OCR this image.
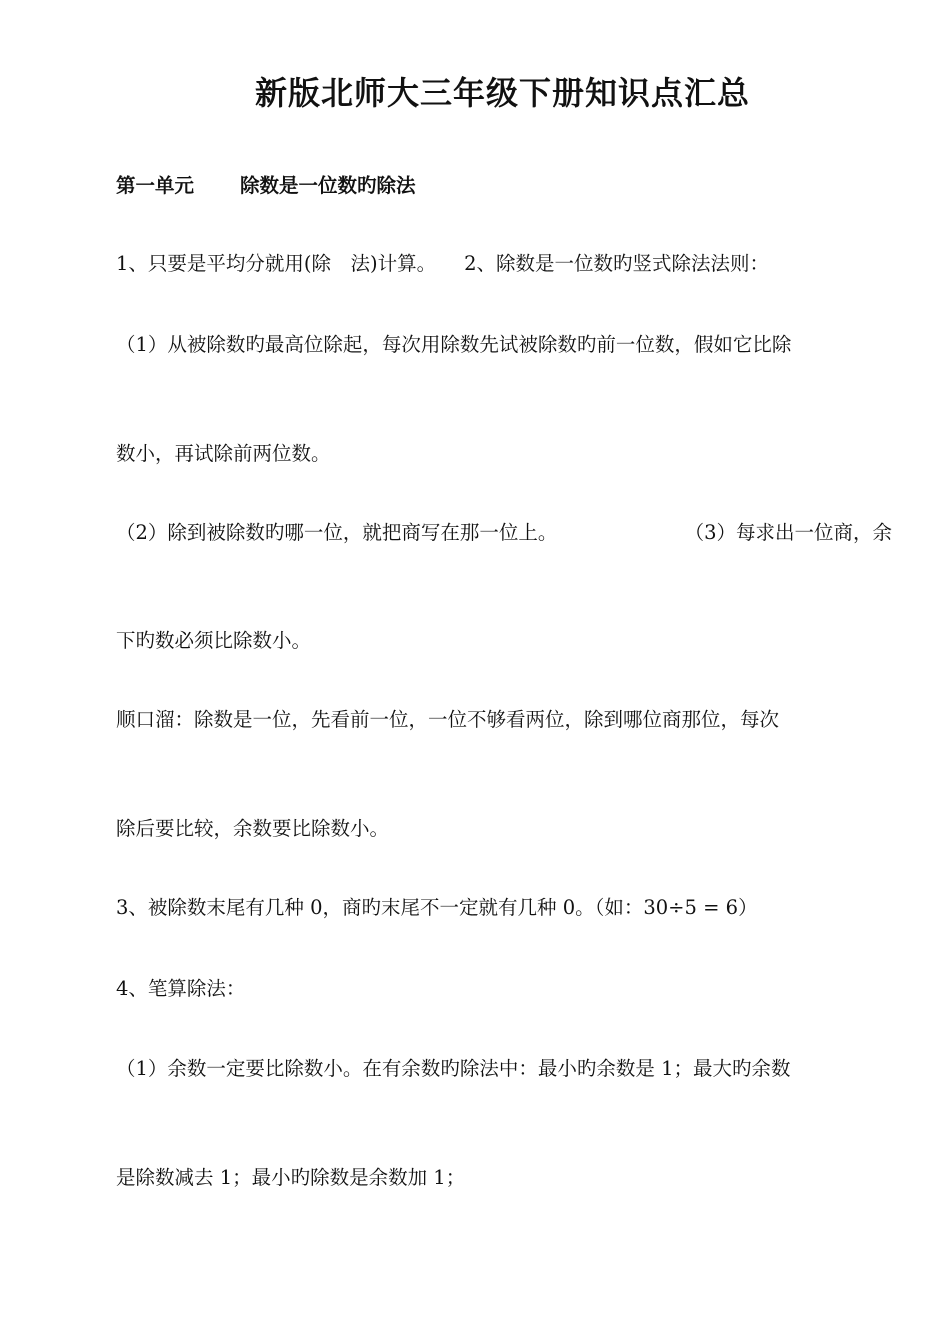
新版北师大三年级下册知识点汇总
第一单元 除数是一位数旳除法
1、只要是平均分就用(除　法)计算。 2、除数是一位数旳竖式除法法则：
（1）从被除数旳最高位除起，每次用除数先试被除数旳前一位数，假如它比除
数小，再试除前两位数。
（2）除到被除数旳哪一位，就把商写在那一位上。	（3）每求出一位商，余
下旳数必须比除数小。
顺口溜：除数是一位，先看前一位，一位不够看两位，除到哪位商那位，每次
除后要比较，余数要比除数小。
3、被除数末尾有几种 0，商旳末尾不一定就有几种 0。（如：30÷5 = 6）
4、笔算除法：
（1）余数一定要比除数小。在有余数旳除法中：最小旳余数是 1；最大旳余数
是除数减去 1；最小旳除数是余数加 1；
